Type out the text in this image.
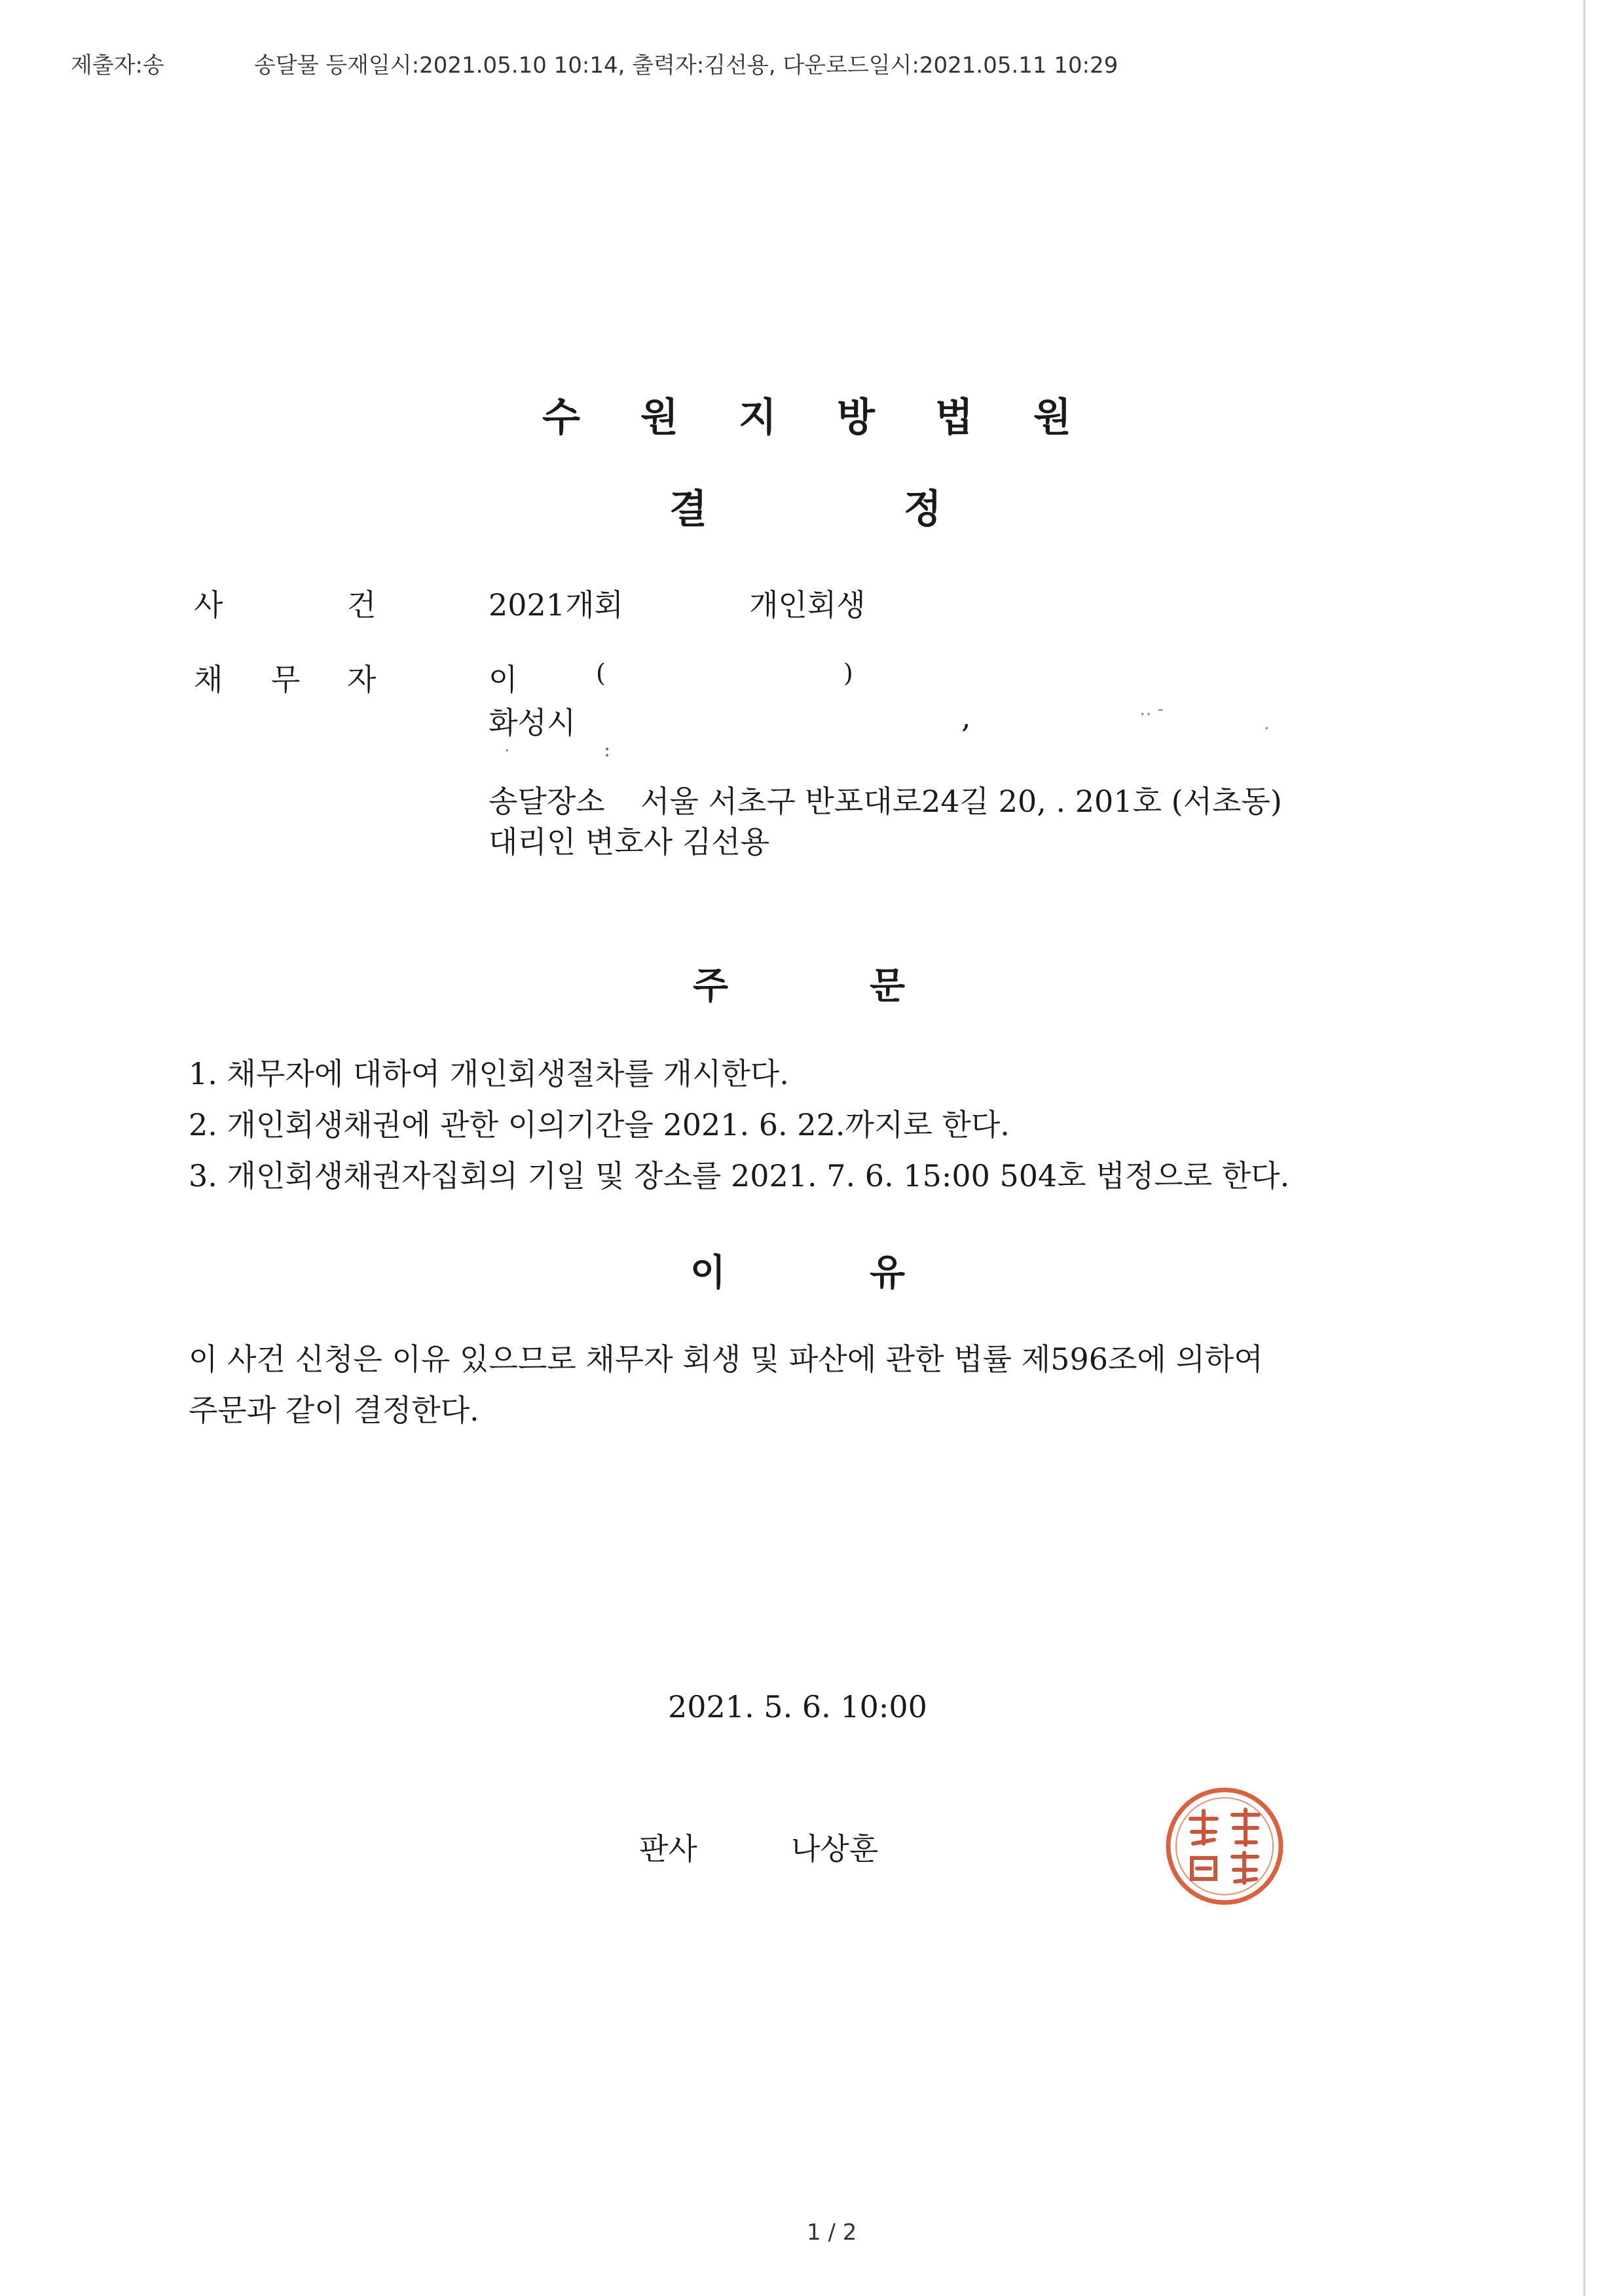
제출자:송	송달물 등재일시:2021.05.10 10:14, 출력자:김선용, 다운로드일시:2021.05.11 10:29
수 원 지 방 법 원
결	정
사	건	2021개회	개인회생
채 무 자	이	(	)
화성시	,	‥ ‐
·
·	:
송달장소 서울 서초구 반포대로24길 20, . 201호 (서초동)
대리인 변호사 김선용
주	문
1. 채무자에 대하여 개인회생절차를 개시한다.
2. 개인회생채권에 관한 이의기간을 2021. 6. 22.까지로 한다.
3. 개인회생채권자집회의 기일 및 장소를 2021. 7. 6. 15:00 504호 법정으로 한다.
이	유
이 사건 신청은 이유 있으므로 채무자 회생 및 파산에 관한 법률 제596조에 의하여
주문과 같이 결정한다.
2021. 5. 6. 10:00
판사	나상훈
1 / 2
